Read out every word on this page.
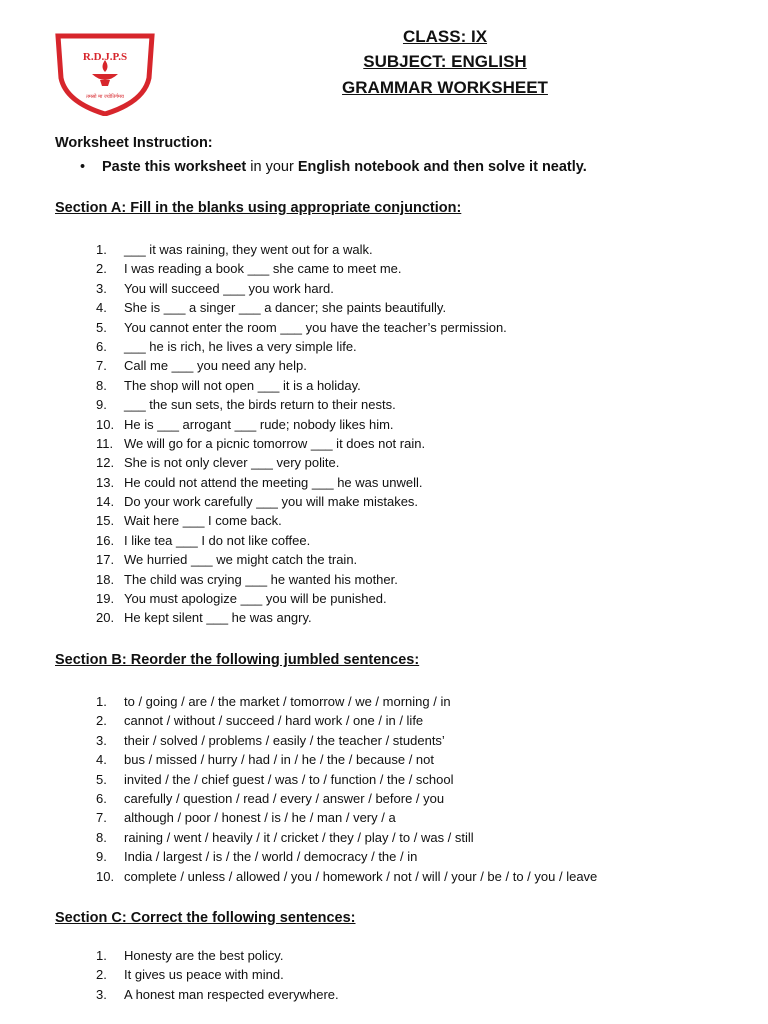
R.D.J.P.S
तमसो मा ज्योतिर्गमय
CLASS: IX
SUBJECT: ENGLISH
GRAMMAR WORKSHEET
Worksheet Instruction:
• Paste this worksheet in your English notebook and then solve it neatly.
Section A: Fill in the blanks using appropriate conjunction:
1. ___ it was raining, they went out for a walk.
2. I was reading a book ___ she came to meet me.
3. You will succeed ___ you work hard.
4. She is ___ a singer ___ a dancer; she paints beautifully.
5. You cannot enter the room ___ you have the teacher’s permission.
6. ___ he is rich, he lives a very simple life.
7. Call me ___ you need any help.
8. The shop will not open ___ it is a holiday.
9. ___ the sun sets, the birds return to their nests.
10. He is ___ arrogant ___ rude; nobody likes him.
11. We will go for a picnic tomorrow ___ it does not rain.
12. She is not only clever ___ very polite.
13. He could not attend the meeting ___ he was unwell.
14. Do your work carefully ___ you will make mistakes.
15. Wait here ___ I come back.
16. I like tea ___ I do not like coffee.
17. We hurried ___ we might catch the train.
18. The child was crying ___ he wanted his mother.
19. You must apologize ___ you will be punished.
20. He kept silent ___ he was angry.
Section B: Reorder the following jumbled sentences:
1. to / going / are / the market / tomorrow / we / morning / in
2. cannot / without / succeed / hard work / one / in / life
3. their / solved / problems / easily / the teacher / students’
4. bus / missed / hurry / had / in / he / the / because / not
5. invited / the / chief guest / was / to / function / the / school
6. carefully / question / read / every / answer / before / you
7. although / poor / honest / is / he / man / very / a
8. raining / went / heavily / it / cricket / they / play / to / was / still
9. India / largest / is / the / world / democracy / the / in
10. complete / unless / allowed / you / homework / not / will / your / be / to / you / leave
Section C: Correct the following sentences:
1. Honesty are the best policy.
2. It gives us peace with mind.
3. A honest man respected everywhere.
